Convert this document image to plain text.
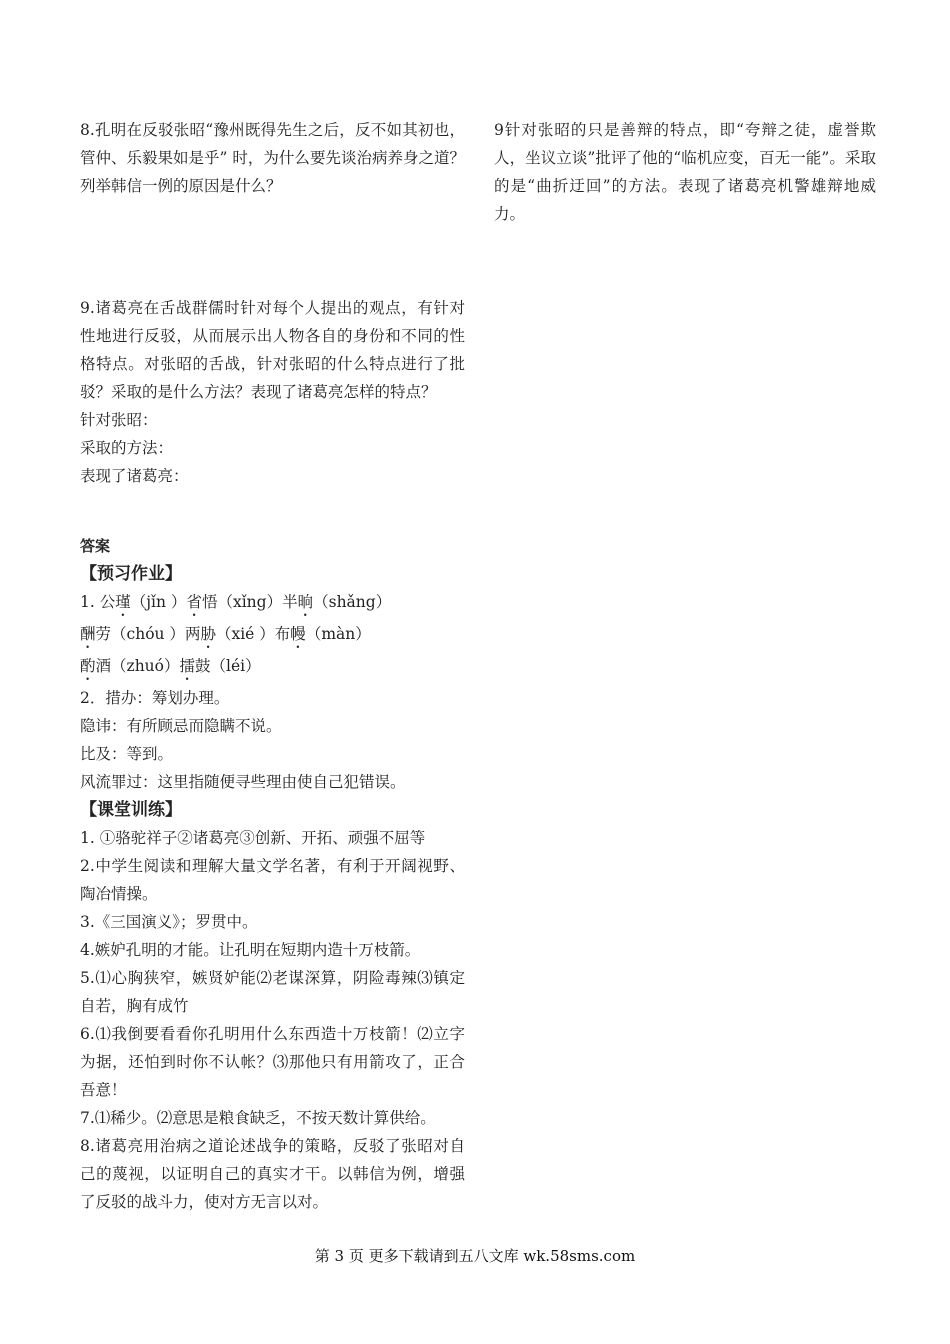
8.孔明在反驳张昭“豫州既得先生之后，反不如其初也，管仲、乐毅果如是乎” 时，为什么要先谈治病养身之道？列举韩信一例的原因是什么？

9.诸葛亮在舌战群儒时针对每个人提出的观点，有针对性地进行反驳，从而展示出人物各自的身份和不同的性格特点。对张昭的舌战，针对张昭的什么特点进行了批驳？采取的是什么方法？表现了诸葛亮怎样的特点？

针对张昭：

采取的方法：

表现了诸葛亮：

答案

【预习作业】

1. 公瑾（jǐn ）省悟（xǐng）半晌（shǎng）

酬劳（chóu ）两胁（xié ）布幔（màn）

酌酒（zhuó）擂鼓（léi）

2．措办：筹划办理。

隐讳：有所顾忌而隐瞒不说。

比及：等到。

风流罪过：这里指随便寻些理由使自己犯错误。

【课堂训练】

1. ①骆驼祥子②诸葛亮③创新、开拓、顽强不屈等

2.中学生阅读和理解大量文学名著，有利于开阔视野、陶冶情操。

3.《三国演义》；罗贯中。

4.嫉妒孔明的才能。让孔明在短期内造十万枝箭。

5.⑴心胸狭窄，嫉贤妒能⑵老谋深算，阴险毒辣⑶镇定自若，胸有成竹

6.⑴我倒要看看你孔明用什么东西造十万枝箭！⑵立字为据，还怕到时你不认帐？⑶那他只有用箭攻了，正合吾意！

7.⑴稀少。⑵意思是粮食缺乏，不按天数计算供给。

8.诸葛亮用治病之道论述战争的策略，反驳了张昭对自己的蔑视，以证明自己的真实才干。以韩信为例，增强了反驳的战斗力，使对方无言以对。

9针对张昭的只是善辩的特点，即“夸辩之徒，虚誉欺人，坐议立谈”批评了他的“临机应变，百无一能”。采取的是“曲折迂回”的方法。表现了诸葛亮机警雄辩地威力。

第 3 页 更多下载请到五八文库 wk.58sms.com
